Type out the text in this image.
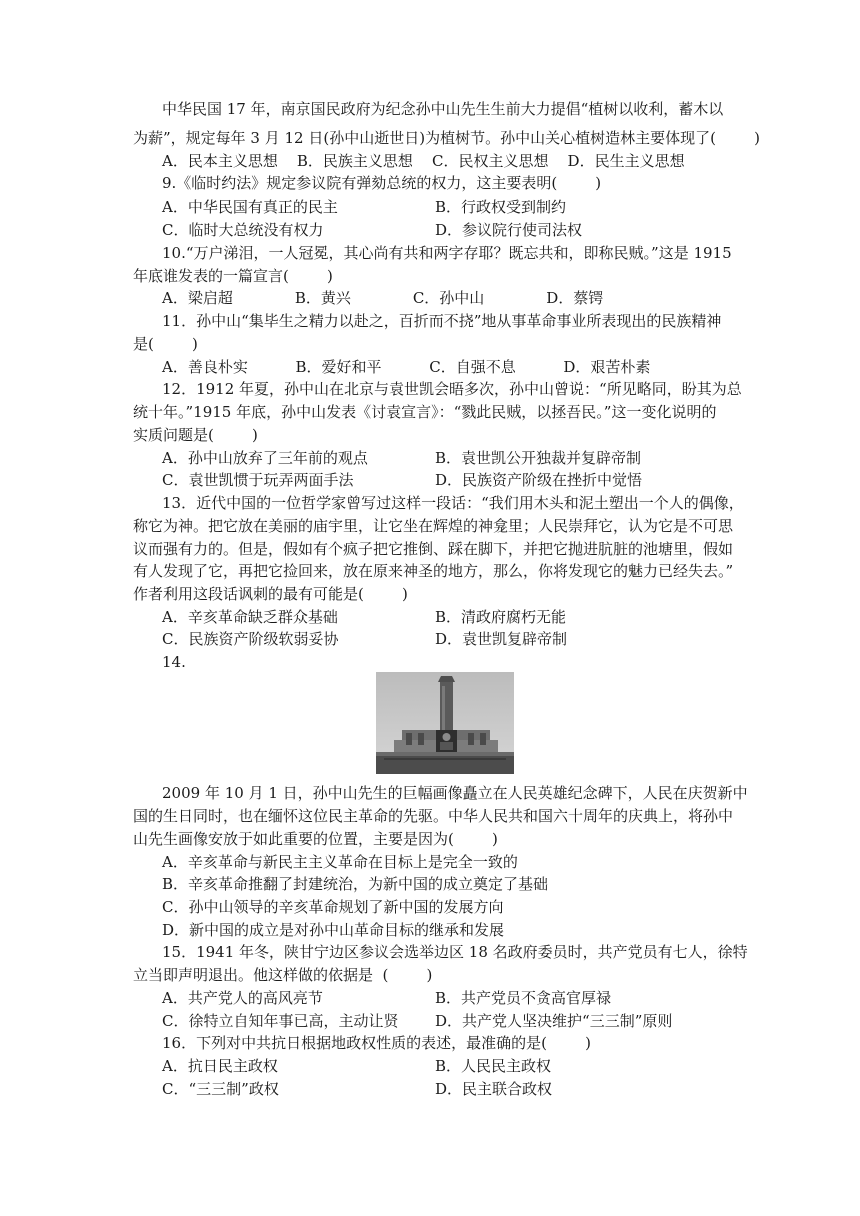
中华民国 17 年，南京国民政府为纪念孙中山先生生前大力提倡“植树以收利，蓄木以
为薪”，规定每年 3 月 12 日(孙中山逝世日)为植树节。孙中山关心植树造林主要体现了(        )
A．民本主义思想    B．民族主义思想    C．民权主义思想    D．民生主义思想
9.《临时约法》规定参议院有弹劾总统的权力，这主要表明(        )
A．中华民国有真正的民主	B．行政权受到制约
C．临时大总统没有权力	D．参议院行使司法权
10.“万户涕泪，一人冠冕，其心尚有共和两字存耶？既忘共和，即称民贼。”这是 1915
年底谁发表的一篇宣言(        )
A．梁启超             B．黄兴             C．孙中山             D．蔡锷
11．孙中山“集毕生之精力以赴之，百折而不挠”地从事革命事业所表现出的民族精神
是(        )
A．善良朴实          B．爱好和平          C．自强不息          D．艰苦朴素
12．1912 年夏，孙中山在北京与袁世凯会晤多次，孙中山曾说：“所见略同，盼其为总
统十年。”1915 年底，孙中山发表《讨袁宣言》：“戮此民贼，以拯吾民。”这一变化说明的
实质问题是(        )
A．孙中山放弃了三年前的观点	B．袁世凯公开独裁并复辟帝制
C．袁世凯惯于玩弄两面手法	D．民族资产阶级在挫折中觉悟
13．近代中国的一位哲学家曾写过这样一段话：“我们用木头和泥土塑出一个人的偶像，
称它为神。把它放在美丽的庙宇里，让它坐在辉煌的神龛里；人民崇拜它，认为它是不可思
议而强有力的。但是，假如有个疯子把它推倒、踩在脚下，并把它抛进肮脏的池塘里，假如
有人发现了它，再把它捡回来，放在原来神圣的地方，那么，你将发现它的魅力已经失去。”
作者利用这段话讽刺的最有可能是(        )
A．辛亥革命缺乏群众基础	B．清政府腐朽无能
C．民族资产阶级软弱妥协	D．袁世凯复辟帝制
14.
2009 年 10 月 1 日，孙中山先生的巨幅画像矗立在人民英雄纪念碑下，人民在庆贺新中
国的生日同时，也在缅怀这位民主革命的先驱。中华人民共和国六十周年的庆典上，将孙中
山先生画像安放于如此重要的位置，主要是因为(        )
A．辛亥革命与新民主主义革命在目标上是完全一致的
B．辛亥革命推翻了封建统治，为新中国的成立奠定了基础
C．孙中山领导的辛亥革命规划了新中国的发展方向
D．新中国的成立是对孙中山革命目标的继承和发展
15．1941 年冬，陕甘宁边区参议会选举边区 18 名政府委员时，共产党员有七人，徐特
立当即声明退出。他这样做的依据是  (        )
A．共产党人的高风亮节	B．共产党员不贪高官厚禄
C．徐特立自知年事已高，主动让贤 D．共产党人坚决维护“三三制”原则
16．下列对中共抗日根据地政权性质的表述，最准确的是(        )
A．抗日民主政权	B．人民民主政权
C．“三三制”政权	D．民主联合政权
